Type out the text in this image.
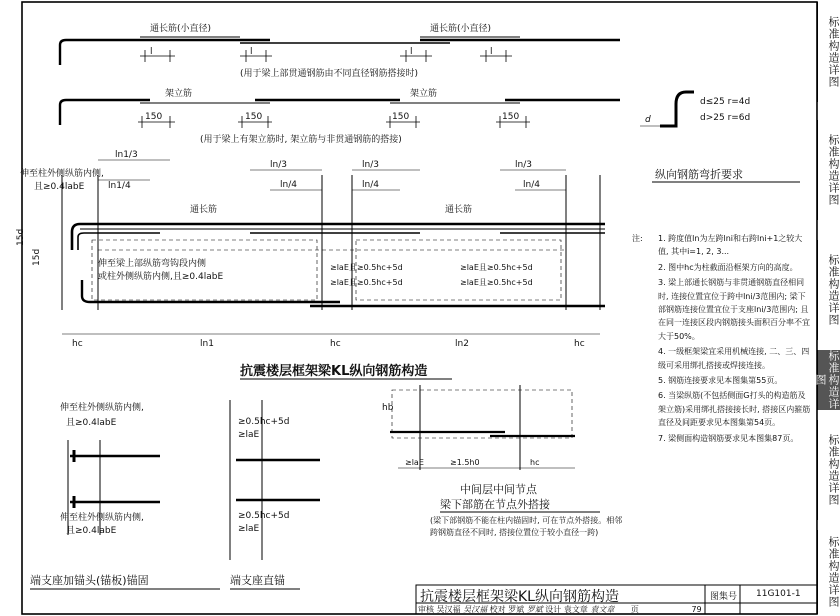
通长筋(小直径)	通长筋(小直径)
l	l	l	l
(用于梁上部贯通钢筋由不同直径钢筋搭接时)
架立筋	架立筋
150	150	150	150
(用于梁上有架立筋时, 架立筋与非贯通钢筋的搭接)
d
d≤25 r=4d
d>25 r=6d
纵向钢筋弯折要求
ln1/3
ln1/4
ln/3
ln/4
ln/3
ln/4
ln/3
ln/4
通长筋	通长筋
伸至柱外侧纵筋内侧,
且≥0.4labE
伸至梁上部纵筋弯钩段内侧
或柱外侧纵筋内侧,且≥0.4labE
≥laE且≥0.5hc+5d
≥laE且≥0.5hc+5d
≥laE且≥0.5hc+5d
≥laE且≥0.5hc+5d
15d
15d
hc	ln1	hc	ln2	hc
抗震楼层框架梁KL纵向钢筋构造
伸至柱外侧纵筋内侧,
且≥0.4labE
伸至柱外侧纵筋内侧,
且≥0.4labE
端支座加锚头(锚板)锚固
≥0.5hc+5d
≥laE
≥0.5hc+5d
≥laE
端支座直锚
hb
≥laE	≥1.5h0	hc
中间层中间节点
梁下部筋在节点外搭接
(梁下部钢筋不能在柱内锚固时, 可在节点外搭接。相邻跨钢筋直径不同时, 搭接位置位于较小直径一跨)
注: 1. 跨度值ln为左跨lni和右跨lni+1之较大值, 其中i=1, 2, 3...
2. 图中hc为柱截面沿框架方向的高度。
3. 梁上部通长钢筋与非贯通钢筋直径相同时, 连接位置宜位于跨中lni/3范围内; 梁下部钢筋连接位置宜位于支座lni/3范围内; 且在同一连接区段内钢筋接头面积百分率不宜大于50%。
4. 一级框架梁宜采用机械连接, 二、三、四级可采用绑扎搭接或焊接连接。
5. 钢筋连接要求见本图集第55页。
6. 当梁纵筋(不包括侧面G打头的构造筋及架立筋)采用绑扎搭接接长时, 搭接区内箍筋直径及间距要求见本图集第54页。
7. 梁侧面构造钢筋要求见本图集87页。
抗震楼层框架梁KL纵向钢筋构造	图集号 11G101-1
审核 吴汉福 吴汉福 校对 罗斌 罗斌 设计 袁文章 袁文章 页	79
标准构造详图
标准构造详图
标准构造详图
标准构造详图
标准构造详图
标准构造详图
